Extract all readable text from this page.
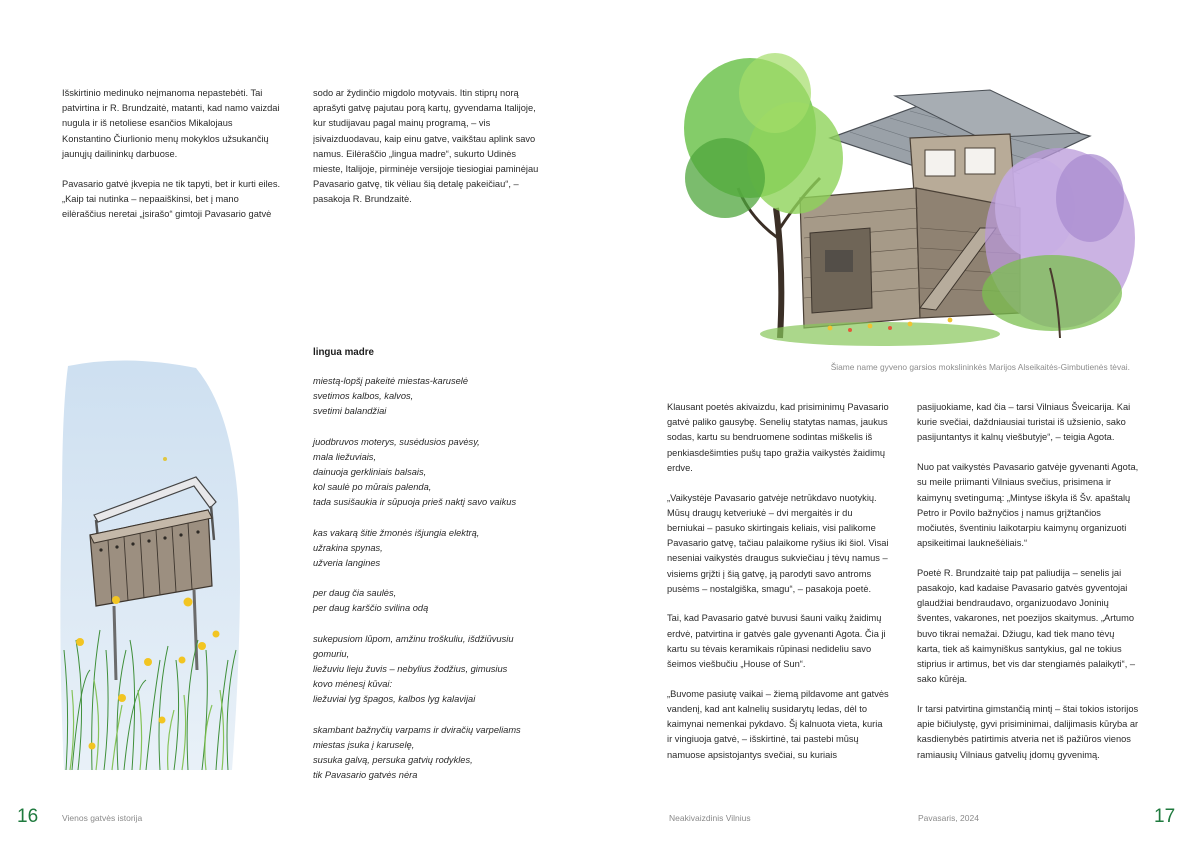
Išskirtinio medinuko neįmanoma nepastebėti. Tai patvirtina ir R. Brundzaitė, matanti, kad namo vaizdai nugula ir iš netoliese esančios Mikalojaus Konstantino Čiurlionio menų mokyklos užsukančių jaunųjų dailininkų darbuose.

Pavasario gatvė įkvepia ne tik tapyti, bet ir kurti eiles. „Kaip tai nutinka – nepaaiškinsi, bet į mano eilėraščius neretai „įsirašo“ gimtoji Pavasario gatvė

sodo ar žydinčio migdolo motyvais. Itin stiprų norą aprašyti gatvę pajutau porą kartų, gyvendama Italijoje, kur studijavau pagal mainų programą, – vis įsivaizduodavau, kaip einu gatve, vaikštau aplink savo namus. Eilėraščio „lingua madre“, sukurto Udinės mieste, Italijoje, pirminėje versijoje tiesiogiai paminėjau Pavasario gatvę, tik vėliau šią detalę pakeičiau“, – pasakoja R. Brundzaitė.

lingua madre
miestą-lopšį pakeitė miestas-karuselė
svetimos kalbos, kalvos,
svetimi balandžiai
juodbruvos moterys, susėdusios pavėsy,
mala liežuviais,
dainuoja gerkliniais balsais,
kol saulė po mūrais palenda,
tada susišaukia ir sūpuoja prieš naktį savo vaikus
kas vakarą šitie žmonės išjungia elektrą,
užrakina spynas,
užveria langines
per daug čia saulės,
per daug karščio svilina odą
sukepusiom lūpom, amžinu troškuliu, išdžiūvusiu
gomuriu,
liežuviu lieju žuvis – nebylius žodžius, gimusius
kovo mėnesį kūvai:
liežuviai lyg špagos, kalbos lyg kalavijai
skambant bažnyčių varpams ir dviračių varpeliams
miestas įsuka į karuselę,
susuka galvą, persuka gatvių rodykles,
tik Pavasario gatvės nėra
16	Vienos gatvės istorija
Šiame name gyveno garsios mokslininkės Marijos Alseikaitės-Gimbutienės tėvai.

Klausant poetės akivaizdu, kad prisiminimų Pavasario gatvė paliko gausybę. Senelių statytas namas, jaukus sodas, kartu su bendruomene sodintas miškelis iš penkiasdešimties pušų tapo gražia vaikystės žaidimų erdve.

„Vaikystėje Pavasario gatvėje netrūkdavo nuotykių. Mūsų draugų ketveriukė – dvi mergaitės ir du berniukai – pasuko skirtingais keliais, visi palikome Pavasario gatvę, tačiau palaikome ryšius iki šiol. Visai neseniai vaikystės draugus sukviečiau į tėvų namus – visiems grįžti į šią gatvę, ją parodyti savo antroms pusėms – nostalgiška, smagu“, – pasakoja poetė.

Tai, kad Pavasario gatvė buvusi šauni vaikų žaidimų erdvė, patvirtina ir gatvės gale gyvenanti Agota. Čia ji kartu su tėvais keramikais rūpinasi nedideliu savo šeimos viešbučiu „House of Sun“.

„Buvome pasiutę vaikai – žiemą pildavome ant gatvės vandenį, kad ant kalnelių susidarytų ledas, dėl to kaimynai nemenkai pykdavo. Šį kalnuota vieta, kuria ir vingiuoja gatvė, – išskirtinė, tai pastebi mūsų namuose apsistojantys svečiai, su kuriais

pasijuokiame, kad čia – tarsi Vilniaus Šveicarija. Kai kurie svečiai, daždniausiai turistai iš užsienio, sako pasijuntantys it kalnų viešbutyje“, – teigia Agota.

Nuo pat vaikystės Pavasario gatvėje gyvenanti Agota, su meile priimanti Vilniaus svečius, prisimena ir kaimynų svetingumą: „Mintyse iškyla iš Šv. apaštalų Petro ir Povilo bažnyčios į namus grįžtančios močiutės, šventiniu laikotarpiu kaimynų organizuoti apsikeitimai lauknešėliais.“

Poetė R. Brundzaitė taip pat paliudija – senelis jai pasakojo, kad kadaise Pavasario gatvės gyventojai glaudžiai bendraudavo, organizuodavo Joninių šventes, vakarones, net poezijos skaitymus. „Artumo buvo tikrai nemažai. Džiugu, kad tiek mano tėvų karta, tiek aš kaimyniškus santykius, gal ne tokius stiprius ir artimus, bet vis dar stengiamės palaikyti“, – sako kūrėja.

Ir tarsi patvirtina gimstančią mintį – štai tokios istorijos apie bičiulystę, gyvi prisiminimai, dalijimasis kūryba ar kasdienybės patirtimis atveria net iš pažiūros vienos ramiausių Vilniaus gatvelių įdomų gyvenimą.

Neakivaizdinis Vilnius	Pavasaris, 2024	17
